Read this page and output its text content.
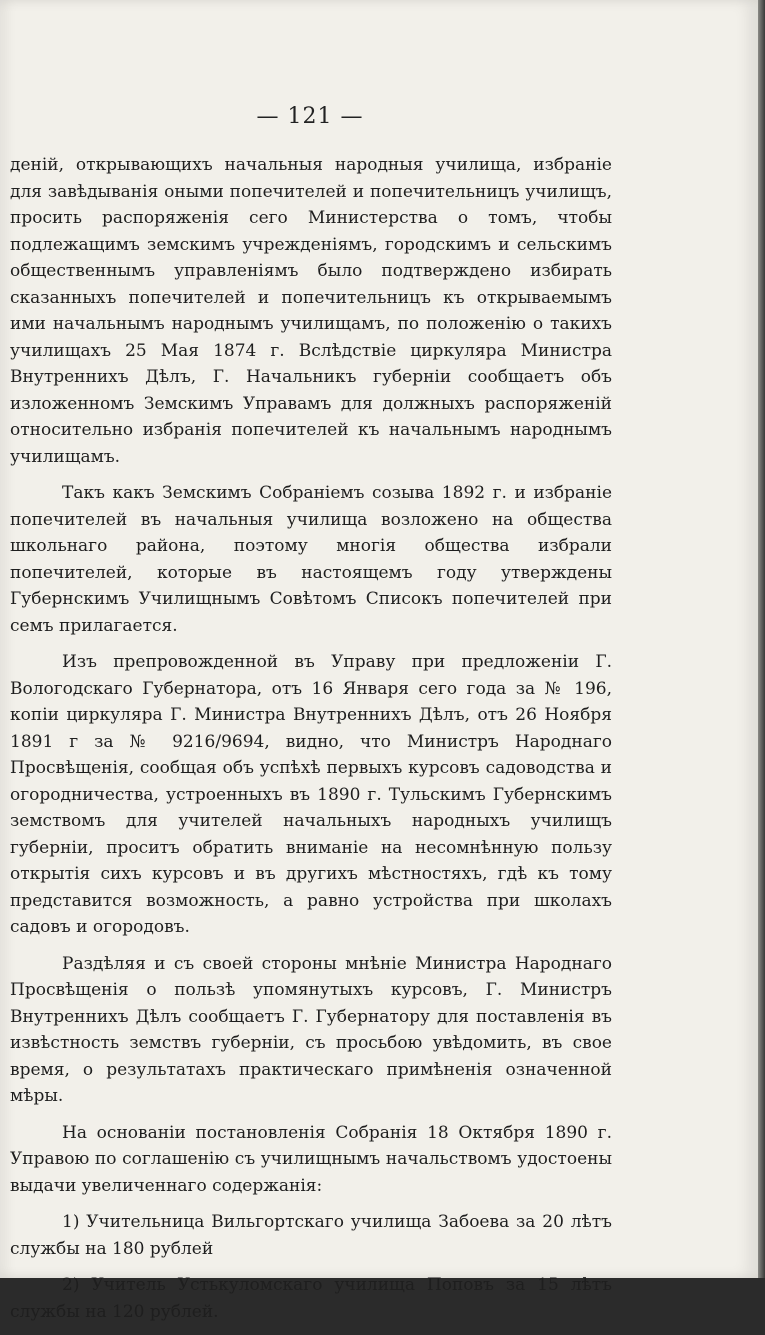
— 121 —

деній, открывающихъ начальныя народныя училища, избраніе для завѣдыванія оными попечителей и попечительницъ училищъ, просить распоряженія сего Министерства о томъ, чтобы подлежащимъ земскимъ учрежденіямъ, городскимъ и сельскимъ общественнымъ управленіямъ было подтверждено избирать сказанныхъ попечителей и попечительницъ къ открываемымъ ими начальнымъ народнымъ училищамъ, по положенію о такихъ училищахъ 25 Мая 1874 г. Вслѣдствіе циркуляра Министра Внутреннихъ Дѣлъ, Г. Начальникъ губерніи сообщаетъ объ изложенномъ Земскимъ Управамъ для должныхъ распоряженій относительно избранія попечителей къ начальнымъ народнымъ училищамъ.

Такъ какъ Земскимъ Собраніемъ созыва 1892 г. и избраніе попечителей въ начальныя училища возложено на общества школьнаго района, поэтому многія общества избрали попечителей, которые въ настоящемъ году утверждены Губернскимъ Училищнымъ Совѣтомъ Списокъ попечителей при семъ прилагается.

Изъ препровожденной въ Управу при предложеніи Г. Вологодскаго Губернатора, отъ 16 Января сего года за № 196, копіи циркуляра Г. Министра Внутреннихъ Дѣлъ, отъ 26 Ноября 1891 г за № 9216/9694, видно, что Министръ Народнаго Просвѣщенія, сообщая объ успѣхѣ первыхъ курсовъ садоводства и огородничества, устроенныхъ въ 1890 г. Тульскимъ Губернскимъ земствомъ для учителей начальныхъ народныхъ училищъ губерніи, проситъ обратить вниманіе на несомнѣнную пользу открытія сихъ курсовъ и въ другихъ мѣстностяхъ, гдѣ къ тому представится возможность, а равно устройства при школахъ садовъ и огородовъ.

Раздѣляя и съ своей стороны мнѣніе Министра Народнаго Просвѣщенія о пользѣ упомянутыхъ курсовъ, Г. Министръ Внутреннихъ Дѣлъ сообщаетъ Г. Губернатору для поставленія въ извѣстность земствъ губерніи, съ просьбою увѣдомить, въ свое время, о результатахъ практическаго примѣненія означенной мѣры.

На основаніи постановленія Собранія 18 Октября 1890 г. Управою по соглашенію съ училищнымъ начальствомъ удостоены выдачи увеличеннаго содержанія:

1) Учительница Вильгортскаго училища Забоева за 20 лѣтъ службы на 180 рублей

2) Учитель Устькуломскаго училища Поповъ за 15 лѣтъ службы на 120 рублей.
